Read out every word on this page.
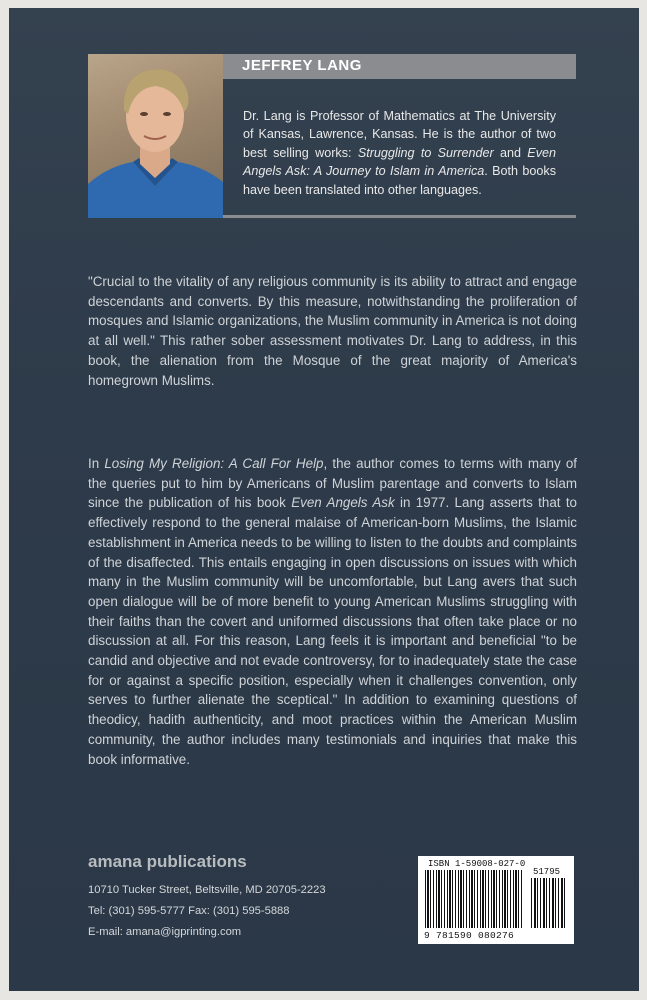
JEFFREY LANG

Dr. Lang is Professor of Mathematics at The University of Kansas, Lawrence, Kansas. He is the author of two best selling works: Struggling to Surrender and Even Angels Ask: A Journey to Islam in America. Both books have been translated into other languages.

"Crucial to the vitality of any religious community is its ability to attract and engage descendants and converts. By this measure, notwithstanding the proliferation of mosques and Islamic organizations, the Muslim community in America is not doing at all well." This rather sober assessment motivates Dr. Lang to address, in this book, the alienation from the Mosque of the great majority of America's homegrown Muslims.

In Losing My Religion: A Call For Help, the author comes to terms with many of the queries put to him by Americans of Muslim parentage and converts to Islam since the publication of his book Even Angels Ask in 1977. Lang asserts that to effectively respond to the general malaise of American-born Muslims, the Islamic establishment in America needs to be willing to listen to the doubts and complaints of the disaffected. This entails engaging in open discussions on issues with which many in the Muslim community will be uncomfortable, but Lang avers that such open dialogue will be of more benefit to young American Muslims struggling with their faiths than the covert and uniformed discussions that often take place or no discussion at all. For this reason, Lang feels it is important and beneficial "to be candid and objective and not evade controversy, for to inadequately state the case for or against a specific position, especially when it challenges convention, only serves to further alienate the sceptical." In addition to examining questions of theodicy, hadith authenticity, and moot practices within the American Muslim community, the author includes many testimonials and inquiries that make this book informative.

amana publications
10710 Tucker Street, Beltsville, MD 20705-2223
Tel: (301) 595-5777 Fax: (301) 595-5888
E-mail: amana@igprinting.com
ISBN 1-59008-027-0
51795
9 781590 080276
